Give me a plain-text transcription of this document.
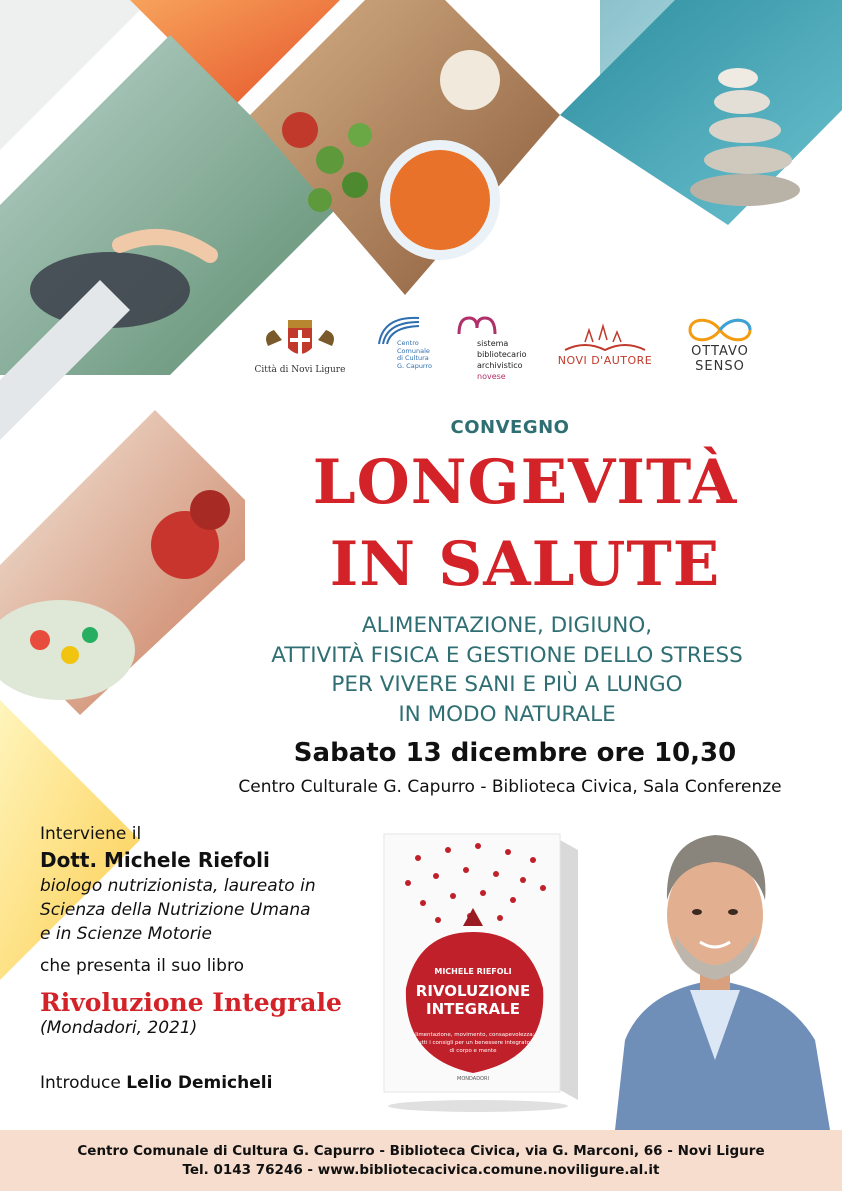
Città di Novi Ligure
Centro
Comunale
di Cultura
G. Capurro
sistema
bibliotecario
archivistico
novese
NOVI D'AUTORE
OTTAVO
SENSO
CONVEGNO
LONGEVITÀ
IN SALUTE
ALIMENTAZIONE, DIGIUNO,
ATTIVITÀ FISICA E GESTIONE DELLO STRESS
PER VIVERE SANI E PIÙ A LUNGO
IN MODO NATURALE
Sabato 13 dicembre ore 10,30
Centro Culturale G. Capurro - Biblioteca Civica, Sala Conferenze
Interviene il
Dott. Michele Riefoli
biologo nutrizionista, laureato in
Scienza della Nutrizione Umana
e in Scienze Motorie
che presenta il suo libro
Rivoluzione Integrale
(Mondadori, 2021)
Introduce Lelio Demicheli
MICHELE RIEFOLI
RIVOLUZIONE
INTEGRALE
Alimentazione, movimento, consapevolezza:
tutti i consigli per un benessere integrato
di corpo e mente
MONDADORI
Centro Comunale di Cultura G. Capurro - Biblioteca Civica, via G. Marconi, 66 - Novi Ligure
Tel. 0143 76246 - www.bibliotecacivica.comune.noviligure.al.it
